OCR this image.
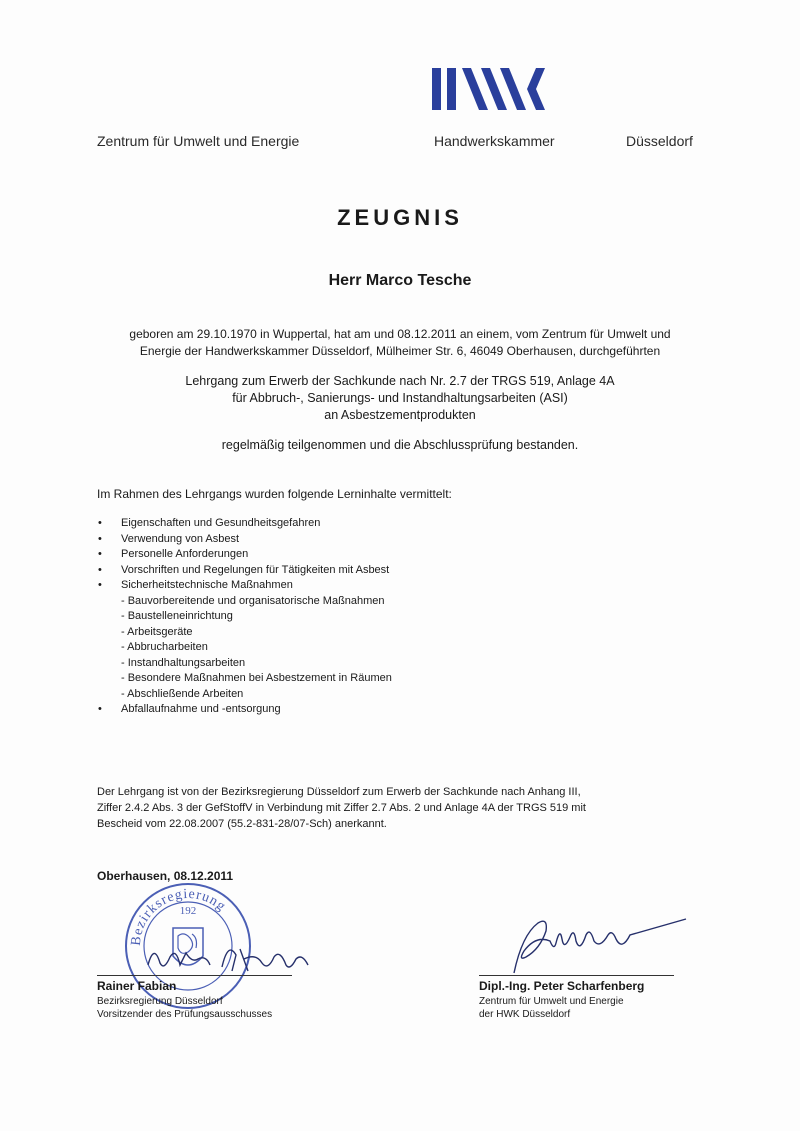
Zentrum für Umwelt und Energie	Handwerkskammer	Düsseldorf
ZEUGNIS
Herr Marco Tesche
geboren am 29.10.1970 in Wuppertal, hat am und 08.12.2011 an einem, vom Zentrum für Umwelt und
Energie der Handwerkskammer Düsseldorf, Mülheimer Str. 6, 46049 Oberhausen, durchgeführten
Lehrgang zum Erwerb der Sachkunde nach Nr. 2.7 der TRGS 519, Anlage 4A
für Abbruch-, Sanierungs- und Instandhaltungsarbeiten (ASI)
an Asbestzementprodukten
regelmäßig teilgenommen und die Abschlussprüfung bestanden.
Im Rahmen des Lehrgangs wurden folgende Lerninhalte vermittelt:
• Eigenschaften und Gesundheitsgefahren
• Verwendung von Asbest
• Personelle Anforderungen
• Vorschriften und Regelungen für Tätigkeiten mit Asbest
• Sicherheitstechnische Maßnahmen
- Bauvorbereitende und organisatorische Maßnahmen
- Baustelleneinrichtung
- Arbeitsgeräte
- Abbrucharbeiten
- Instandhaltungsarbeiten
- Besondere Maßnahmen bei Asbestzement in Räumen
- Abschließende Arbeiten
• Abfallaufnahme und -entsorgung
Der Lehrgang ist von der Bezirksregierung Düsseldorf zum Erwerb der Sachkunde nach Anhang III,
Ziffer 2.4.2 Abs. 3 der GefStoffV in Verbindung mit Ziffer 2.7 Abs. 2 und Anlage 4A der TRGS 519 mit
Bescheid vom 22.08.2007 (55.2-831-28/07-Sch) anerkannt.
Oberhausen, 08.12.2011
Bezirksregierung
192
Rainer Fabian
Bezirksregierung Düsseldorf
Vorsitzender des Prüfungsausschusses
Dipl.-Ing. Peter Scharfenberg
Zentrum für Umwelt und Energie
der HWK Düsseldorf
